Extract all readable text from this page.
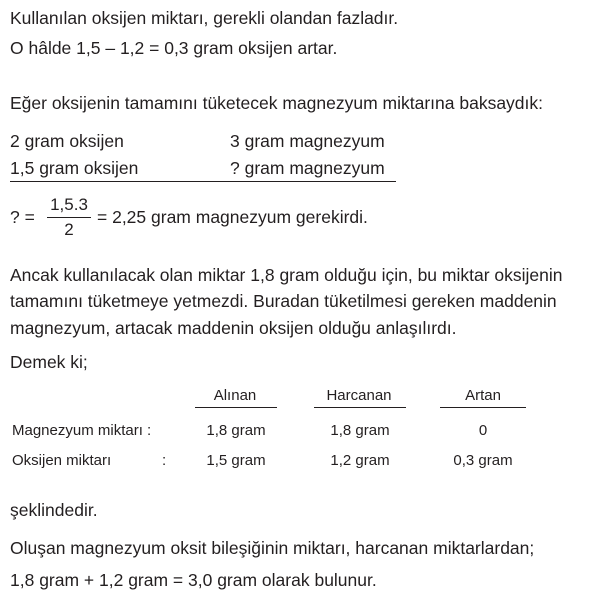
Kullanılan oksijen miktarı, gerekli olandan fazladır.
O hâlde 1,5 – 1,2 = 0,3 gram oksijen artar.
Eğer oksijenin tamamını tüketecek magnezyum miktarına baksaydık:
2 gram oksijen	3 gram magnezyum
1,5 gram oksijen	? gram magnezyum
? =
1,5.3
2
= 2,25 gram magnezyum gerekirdi.
Ancak kullanılacak olan miktar 1,8 gram olduğu için, bu miktar oksijenin
tamamını tüketmeye yetmezdi. Buradan tüketilmesi gereken maddenin
magnezyum, artacak maddenin oksijen olduğu anlaşılırdı.
Demek ki;
Alınan	Harcanan	Artan
Magnezyum miktarı :	1,8 gram	1,8 gram	0
Oksijen miktarı	:	1,5 gram	1,2 gram	0,3 gram
şeklindedir.
Oluşan magnezyum oksit bileşiğinin miktarı, harcanan miktarlardan;
1,8 gram + 1,2 gram = 3,0 gram olarak bulunur.
